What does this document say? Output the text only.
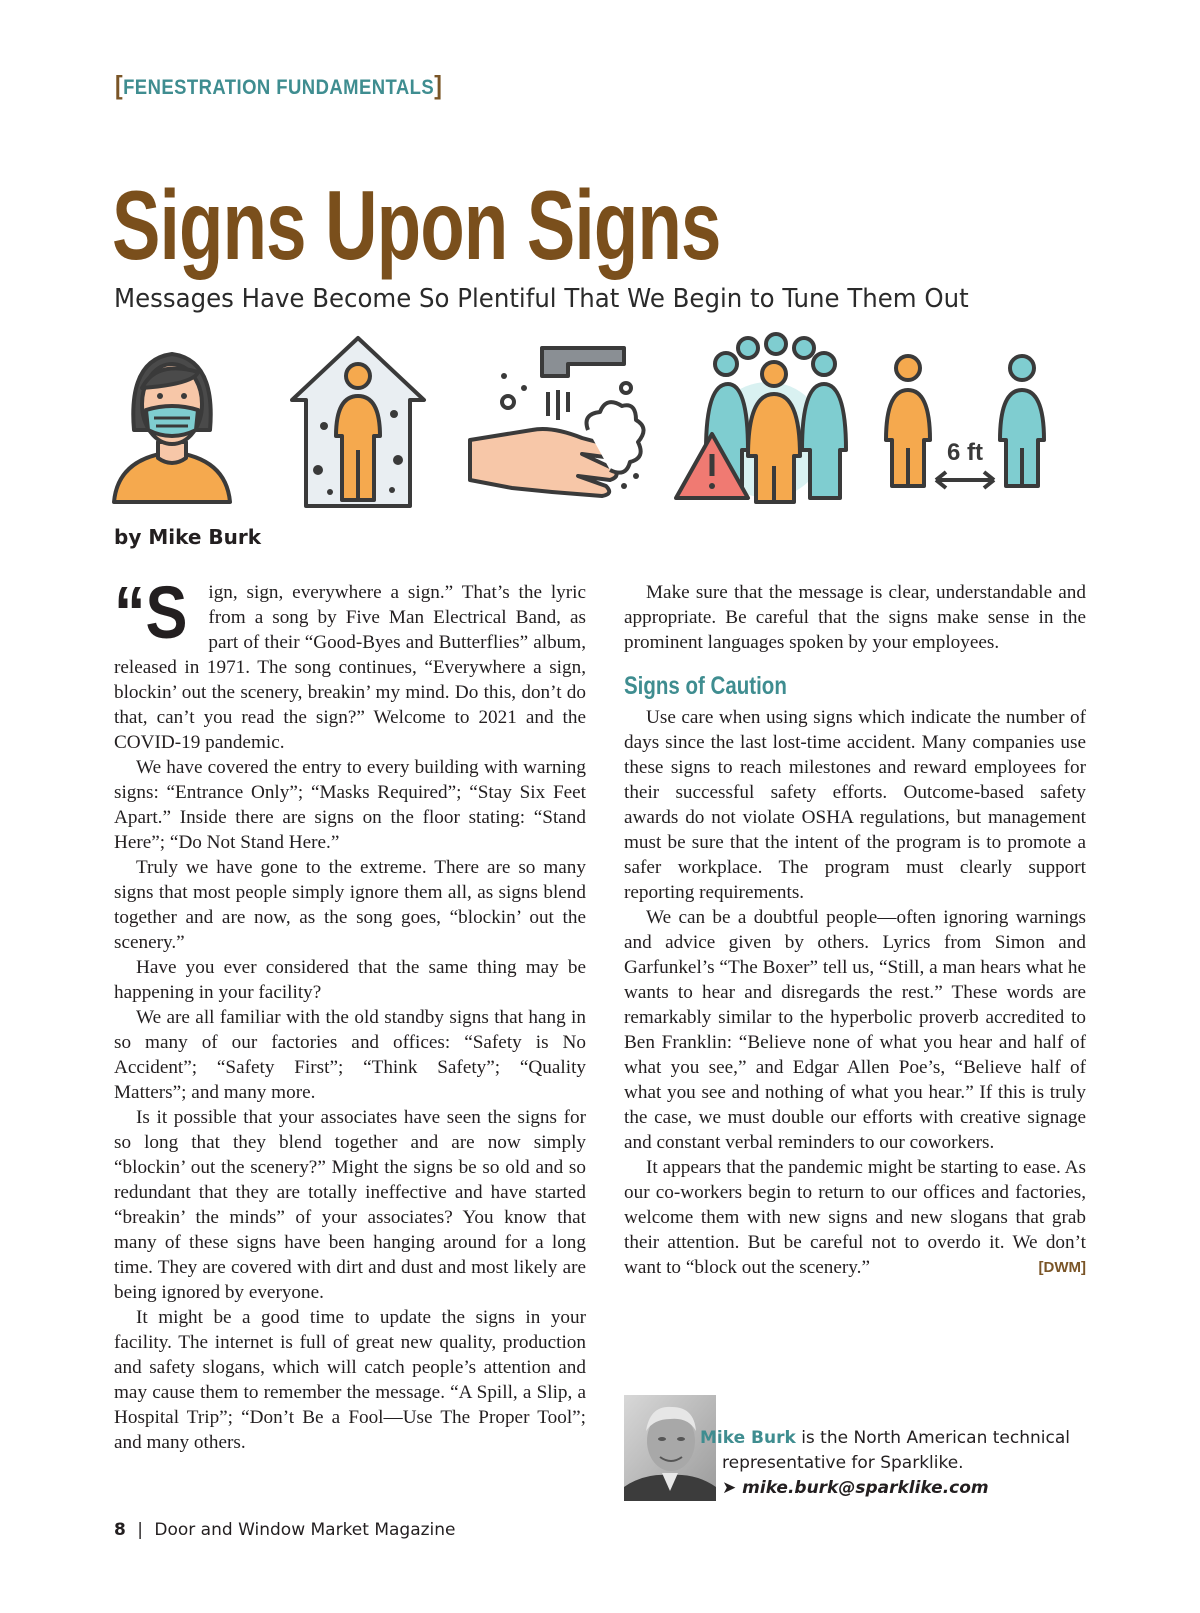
[FENESTRATION FUNDAMENTALS]
Signs Upon Signs
Messages Have Become So Plentiful That We Begin to Tune Them Out
6 ft
by Mike Burk
“S	ign, sign, everywhere a sign.” That’s the lyric from a song by Five Man Electrical Band, as part of their “Good-Byes and Butterflies” album, released in 1971. The song continues, “Everywhere a sign, blockin’ out the scenery, breakin’ my mind. Do this, don’t do that, can’t you read the sign?” Welcome to 2021 and the COVID-19 pandemic.

We have covered the entry to every building with warning signs: “Entrance Only”; “Masks Required”; “Stay Six Feet Apart.” Inside there are signs on the floor stating: “Stand Here”; “Do Not Stand Here.”

Truly we have gone to the extreme. There are so many signs that most people simply ignore them all, as signs blend together and are now, as the song goes, “blockin’ out the scenery.”

Have you ever considered that the same thing may be happening in your facility?

We are all familiar with the old standby signs that hang in so many of our factories and offices: “Safety is No Accident”; “Safety First”; “Think Safety”; “Quality Matters”; and many more.

Is it possible that your associates have seen the signs for so long that they blend together and are now simply “blockin’ out the scenery?” Might the signs be so old and so redundant that they are totally ineffective and have started “breakin’ the minds” of your associates? You know that many of these signs have been hanging around for a long time. They are covered with dirt and dust and most likely are being ignored by everyone.

It might be a good time to update the signs in your facility. The internet is full of great new quality, production and safety slogans, which will catch people’s attention and may cause them to remember the message. “A Spill, a Slip, a Hospital Trip”; “Don’t Be a Fool—Use The Proper Tool”; and many others.

Make sure that the message is clear, understandable and appropriate. Be careful that the signs make sense in the prominent languages spoken by your employees.

Signs of Caution

Use care when using signs which indicate the number of days since the last lost-time accident. Many companies use these signs to reach milestones and reward employees for their successful safety efforts. Outcome-based safety awards do not violate OSHA regulations, but management must be sure that the intent of the program is to promote a safer workplace. The program must clearly support reporting requirements.

We can be a doubtful people—often ignoring warnings and advice given by others. Lyrics from Simon and Garfunkel’s “The Boxer” tell us, “Still, a man hears what he wants to hear and disregards the rest.” These words are remarkably similar to the hyperbolic proverb accredited to Ben Franklin: “Believe none of what you hear and half of what you see,” and Edgar Allen Poe’s, “Believe half of what you see and nothing of what you hear.” If this is truly the case, we must double our efforts with creative signage and constant verbal reminders to our coworkers.

It appears that the pandemic might be starting to ease. As our co-workers begin to return to our offices and factories, welcome them with new signs and new slogans that grab their attention. But be careful not to overdo it. We don’t want to “block out the scenery.”	[DWM]

Mike Burk is the North American technical
representative for Sparklike.
➤ mike.burk@sparklike.com
8 | Door and Window Market Magazine
